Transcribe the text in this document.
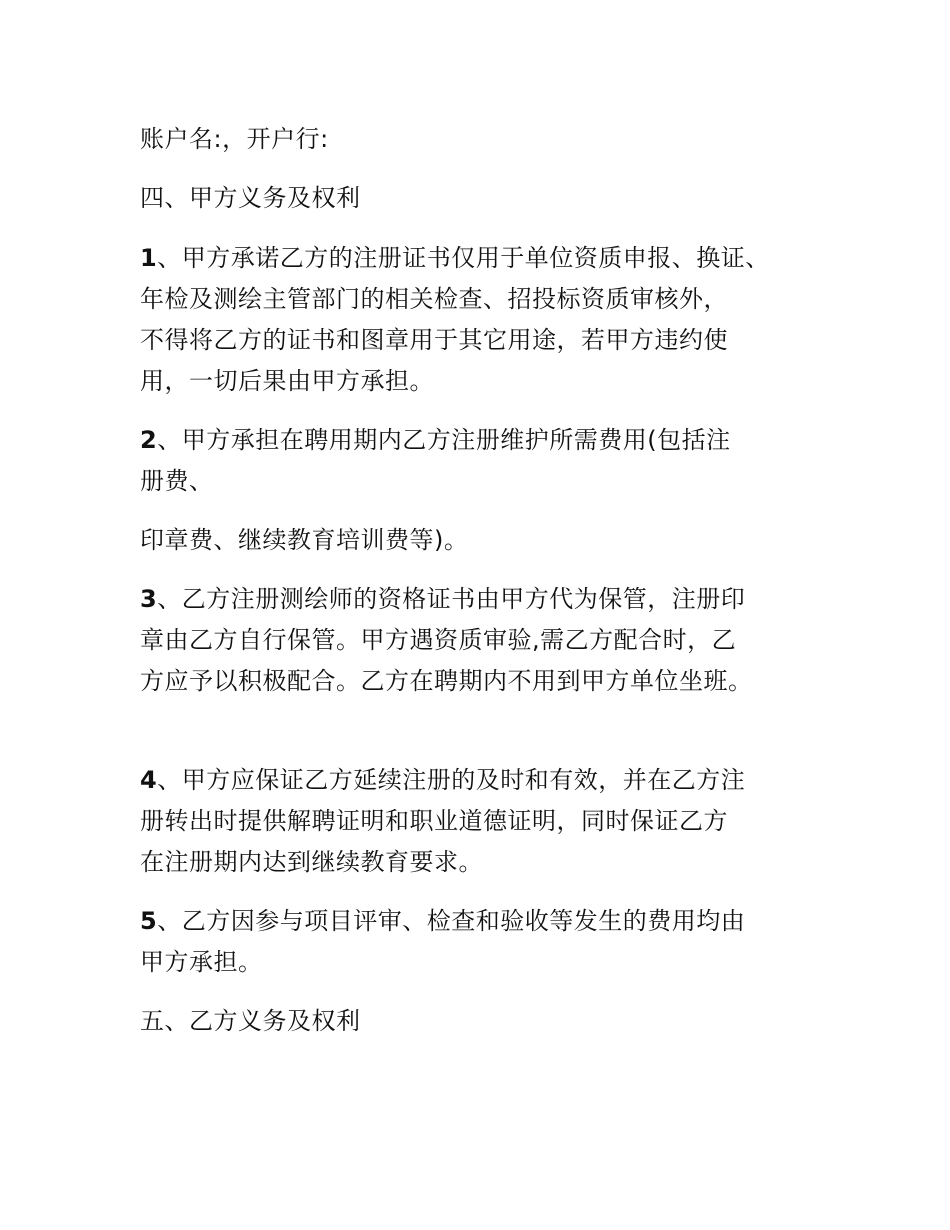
账户名:，开户行:
四、甲方义务及权利
1、甲方承诺乙方的注册证书仅用于单位资质申报、换证、
年检及测绘主管部门的相关检查、招投标资质审核外，
不得将乙方的证书和图章用于其它用途，若甲方违约使
用，一切后果由甲方承担。
2、甲方承担在聘用期内乙方注册维护所需费用(包括注
册费、
印章费、继续教育培训费等)。
3、乙方注册测绘师的资格证书由甲方代为保管，注册印
章由乙方自行保管。甲方遇资质审验,需乙方配合时，乙
方应予以积极配合。乙方在聘期内不用到甲方单位坐班。
4、甲方应保证乙方延续注册的及时和有效，并在乙方注
册转出时提供解聘证明和职业道德证明，同时保证乙方
在注册期内达到继续教育要求。
5、乙方因参与项目评审、检查和验收等发生的费用均由
甲方承担。
五、乙方义务及权利
